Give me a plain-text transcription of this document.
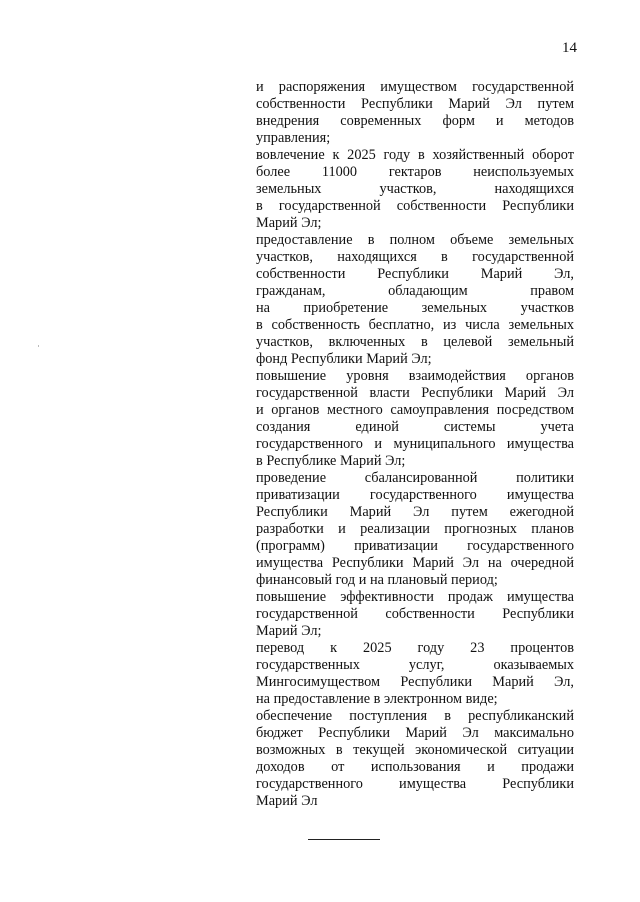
14

и распоряжения имуществом государственной
собственности Республики Марий Эл путем
внедрения современных форм и методов
управления;

вовлечение к 2025 году в хозяйственный оборот
более 11000 гектаров неиспользуемых
земельных участков, находящихся
в государственной собственности Республики
Марий Эл;

предоставление в полном объеме земельных
участков, находящихся в государственной
собственности Республики Марий Эл,
гражданам, обладающим правом
на приобретение земельных участков
в собственность бесплатно, из числа земельных
участков, включенных в целевой земельный
фонд Республики Марий Эл;

повышение уровня взаимодействия органов
государственной власти Республики Марий Эл
и органов местного самоуправления посредством
создания единой системы учета
государственного и муниципального имущества
в Республике Марий Эл;

проведение сбалансированной политики
приватизации государственного имущества
Республики Марий Эл путем ежегодной
разработки и реализации прогнозных планов
(программ) приватизации государственного
имущества Республики Марий Эл на очередной
финансовый год и на плановый период;

повышение эффективности продаж имущества
государственной собственности Республики
Марий Эл;

перевод к 2025 году 23 процентов
государственных услуг, оказываемых
Мингосимуществом Республики Марий Эл,
на предоставление в электронном виде;

обеспечение поступления в республиканский
бюджет Республики Марий Эл максимально
возможных в текущей экономической ситуации
доходов от использования и продажи
государственного имущества Республики
Марий Эл
